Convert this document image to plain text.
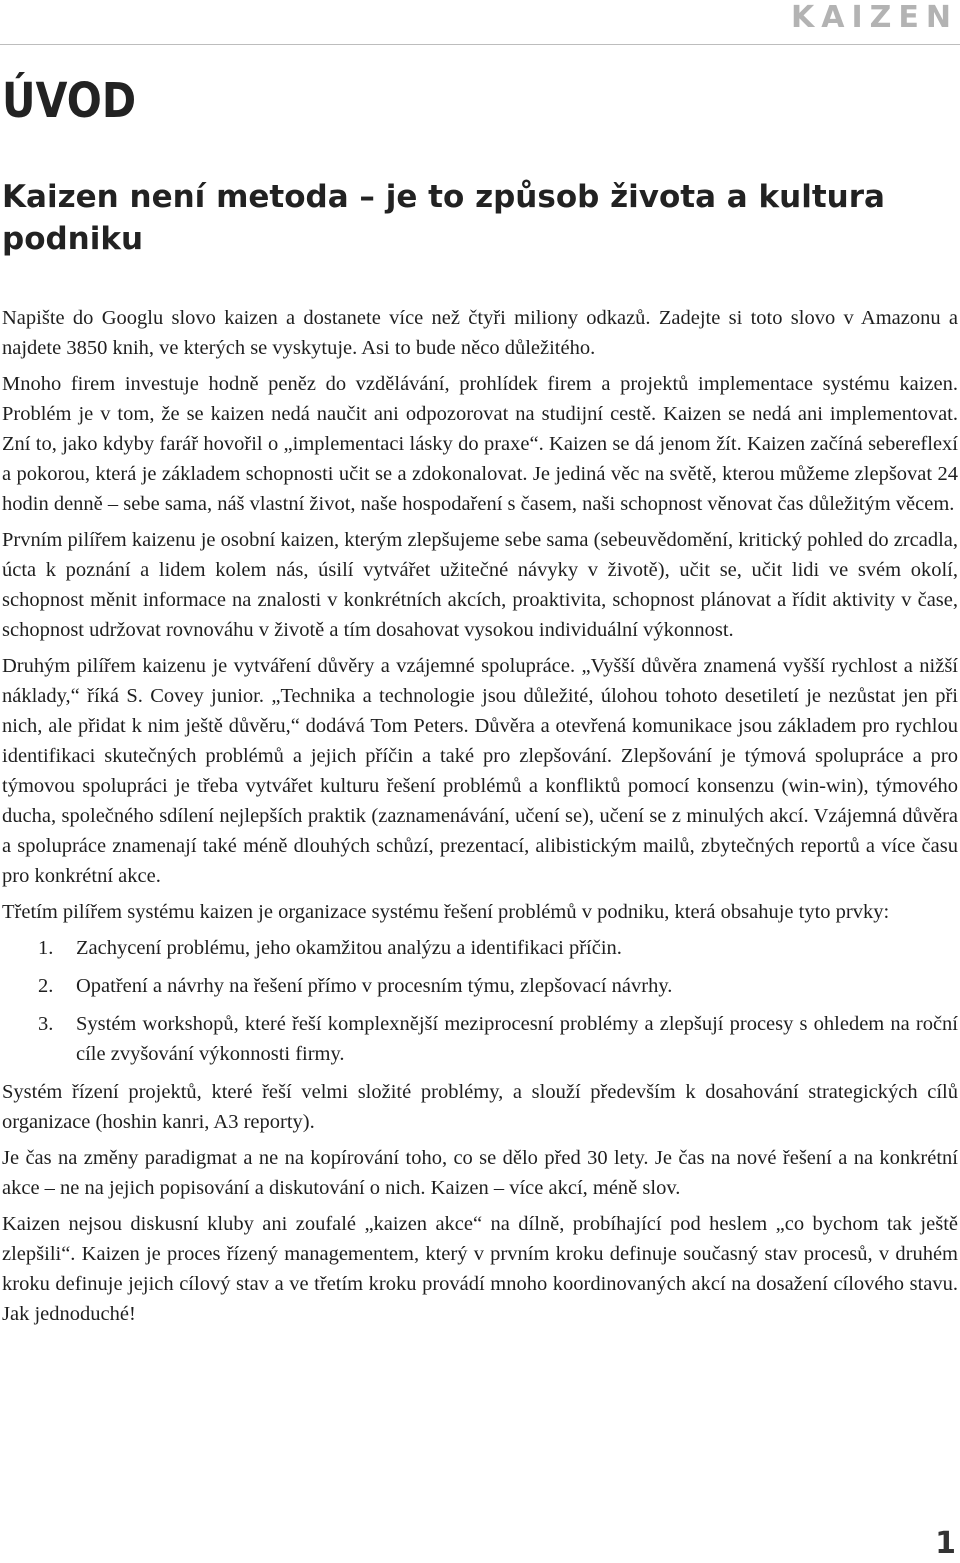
KAIZEN
ÚVOD
Kaizen není metoda – je to způsob života a kultura podniku

Napište do Googlu slovo kaizen a dostanete více než čtyři miliony odkazů. Zadejte si toto slovo v Amazonu a najdete 3850 knih, ve kterých se vyskytuje. Asi to bude něco důležitého.

Mnoho firem investuje hodně peněz do vzdělávání, prohlídek firem a projektů implementace systému kaizen. Problém je v tom, že se kaizen nedá naučit ani odpozorovat na studijní cestě. Kaizen se nedá ani implementovat. Zní to, jako kdyby farář hovořil o „implementaci lásky do praxe“. Kaizen se dá jenom žít. Kaizen začíná sebereflexí a pokorou, která je základem schopnosti učit se a zdokonalovat. Je jediná věc na světě, kterou můžeme zlepšovat 24 hodin denně – sebe sama, náš vlastní život, naše hospodaření s časem, naši schopnost věnovat čas důležitým věcem.

Prvním pilířem kaizenu je osobní kaizen, kterým zlepšujeme sebe sama (sebeuvědomění, kritický pohled do zrcadla, úcta k poznání a lidem kolem nás, úsilí vytvářet užitečné návyky v životě), učit se, učit lidi ve svém okolí, schopnost měnit informace na znalosti v konkrétních akcích, proaktivita, schopnost plánovat a řídit aktivity v čase, schopnost udržovat rovnováhu v životě a tím dosahovat vysokou individuální výkonnost.

Druhým pilířem kaizenu je vytváření důvěry a vzájemné spolupráce. „Vyšší důvěra znamená vyšší rychlost a nižší náklady,“ říká S. Covey junior. „Technika a technologie jsou důležité, úlohou tohoto desetiletí je nezůstat jen při nich, ale přidat k nim ještě důvěru,“ dodává Tom Peters. Důvěra a otevřená komunikace jsou základem pro rychlou identifikaci skutečných problémů a jejich příčin a také pro zlepšování. Zlepšování je týmová spolupráce a pro týmovou spolupráci je třeba vytvářet kulturu řešení problémů a konfliktů pomocí konsenzu (win-win), týmového ducha, společného sdílení nejlepších praktik (zaznamenávání, učení se), učení se z minulých akcí. Vzájemná důvěra a spolupráce znamenají také méně dlouhých schůzí, prezentací, alibistickým mailů, zbytečných reportů a více času pro konkrétní akce.

Třetím pilířem systému kaizen je organizace systému řešení problémů v podniku, která obsahuje tyto prvky:

1.	Zachycení problému, jeho okamžitou analýzu a identifikaci příčin.
2.	Opatření a návrhy na řešení přímo v procesním týmu, zlepšovací návrhy.
3.	Systém workshopů, které řeší komplexnější meziprocesní problémy a zlepšují procesy s ohledem na roční cíle zvyšování výkonnosti firmy.

Systém řízení projektů, které řeší velmi složité problémy, a slouží především k dosahování strategických cílů organizace (hoshin kanri, A3 reporty).

Je čas na změny paradigmat a ne na kopírování toho, co se dělo před 30 lety. Je čas na nové řešení a na konkrétní akce – ne na jejich popisování a diskutování o nich. Kaizen – více akcí, méně slov.

Kaizen nejsou diskusní kluby ani zoufalé „kaizen akce“ na dílně, probíhající pod heslem „co bychom tak ještě zlepšili“. Kaizen je proces řízený managementem, který v prvním kroku definuje současný stav procesů, v druhém kroku definuje jejich cílový stav a ve třetím kroku provádí mnoho koordinovaných akcí na dosažení cílového stavu. Jak jednoduché!

1
